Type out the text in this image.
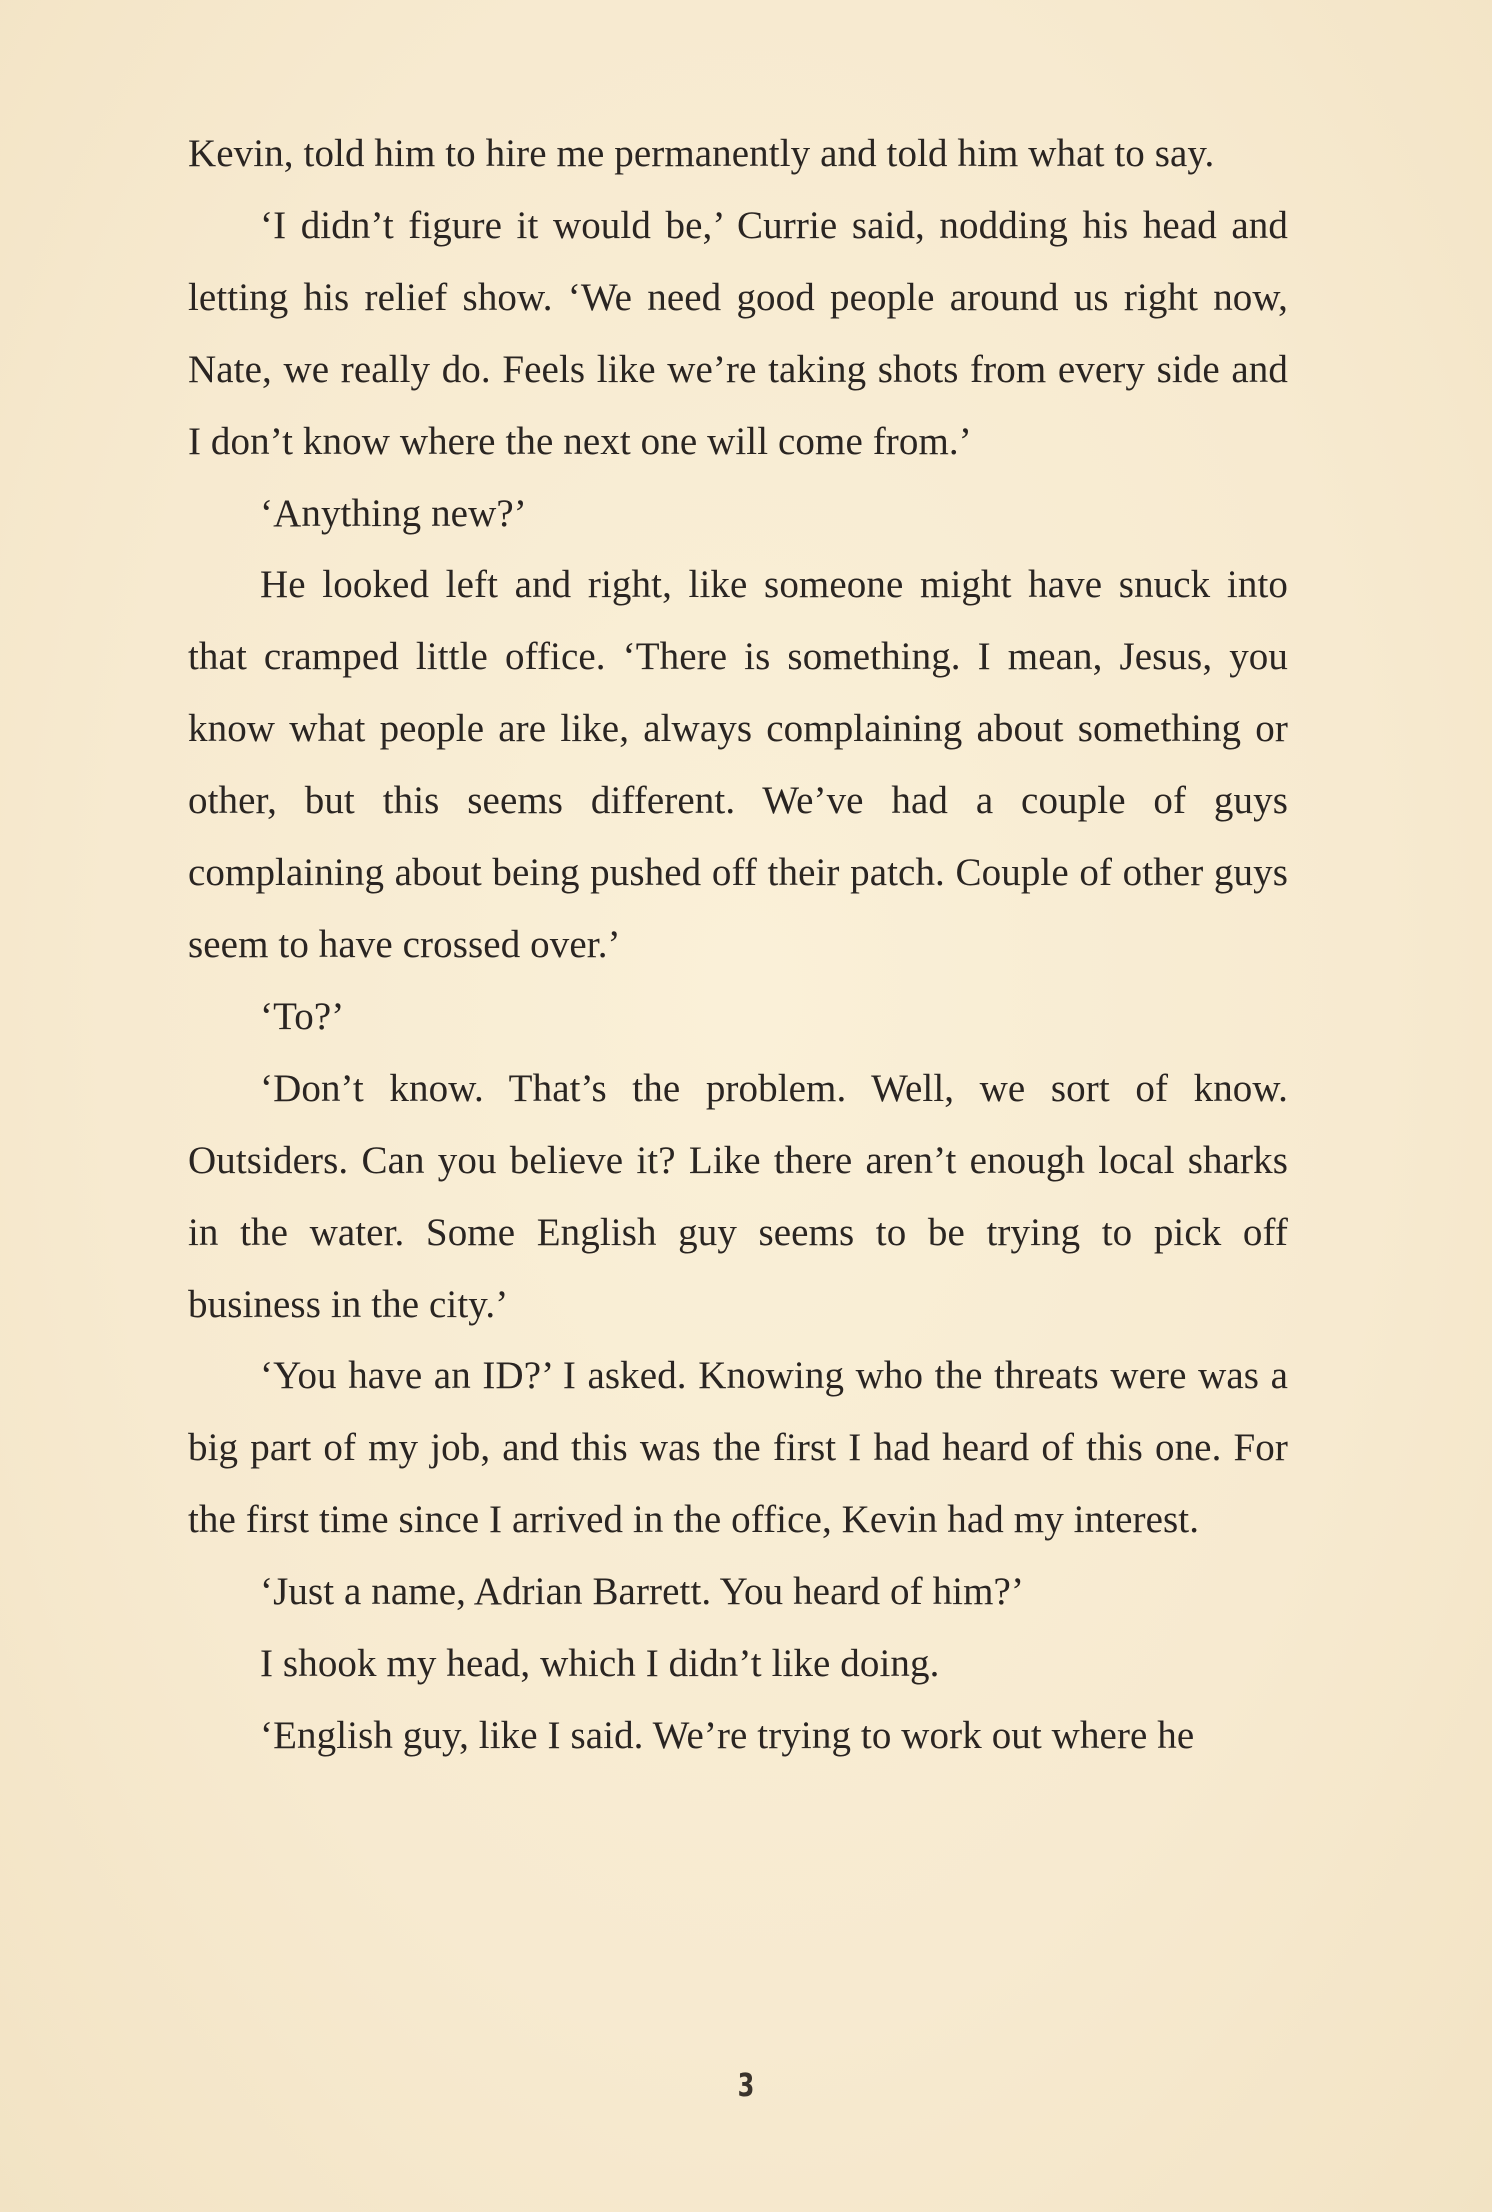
Kevin, told him to hire me permanently and told him what to say.

‘I didn’t figure it would be,’ Currie said, nodding his head and letting his relief show. ‘We need good people around us right now, Nate, we really do. Feels like we’re taking shots from every side and I don’t know where the next one will come from.’

‘Anything new?’

He looked left and right, like someone might have snuck into that cramped little office. ‘There is something. I mean, Jesus, you know what people are like, always complaining about something or other, but this seems different. We’ve had a couple of guys complaining about being pushed off their patch. Couple of other guys seem to have crossed over.’

‘To?’

‘Don’t know. That’s the problem. Well, we sort of know. Outsiders. Can you believe it? Like there aren’t enough local sharks in the water. Some English guy seems to be trying to pick off business in the city.’

‘You have an ID?’ I asked. Knowing who the threats were was a big part of my job, and this was the first I had heard of this one. For the first time since I arrived in the office, Kevin had my interest.

‘Just a name, Adrian Barrett. You heard of him?’

I shook my head, which I didn’t like doing.

‘English guy, like I said. We’re trying to work out where he

3
